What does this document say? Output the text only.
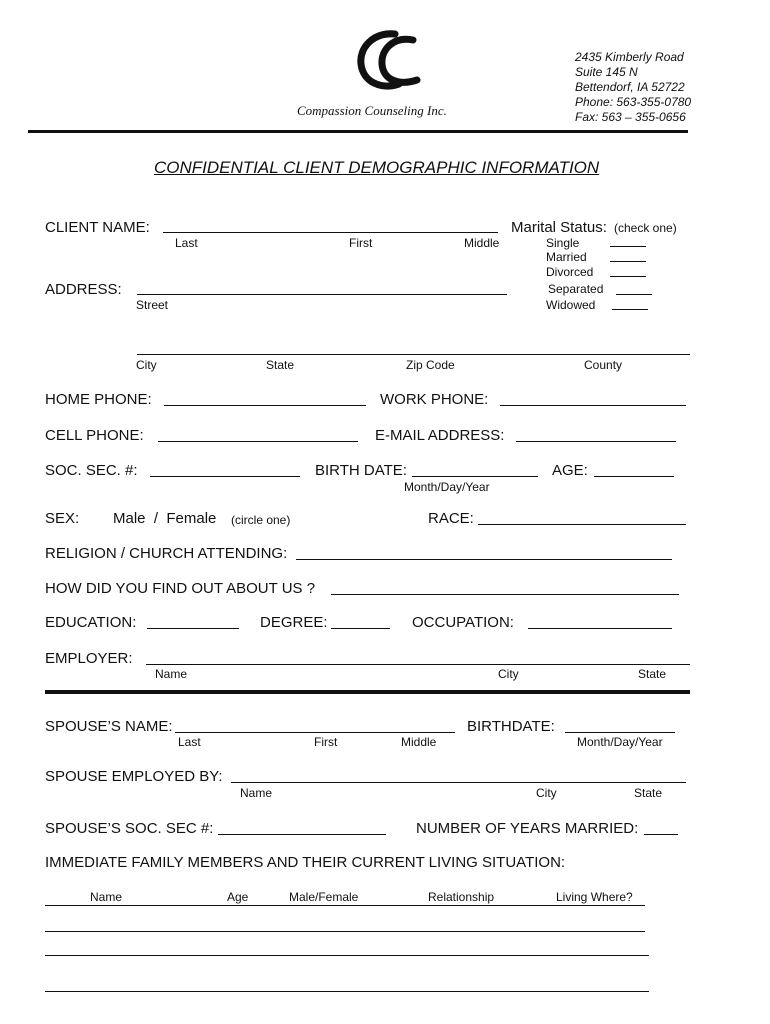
Compassion Counseling Inc.
2435 Kimberly Road
Suite 145 N
Bettendorf, IA 52722
Phone: 563-355-0780
Fax: 563 – 355-0656
CONFIDENTIAL CLIENT DEMOGRAPHIC INFORMATION
CLIENT NAME:
Last	First	Middle
Marital Status: (check one)
Single
Married
Divorced
Separated
Widowed
ADDRESS:
Street
City	State	Zip Code	County
HOME PHONE:	WORK PHONE:
CELL PHONE:	E-MAIL ADDRESS:
SOC. SEC. #:	BIRTH DATE:
Month/Day/Year
AGE:
SEX: Male  /  Female (circle one)	RACE:
RELIGION / CHURCH ATTENDING:
HOW DID YOU FIND OUT ABOUT US ?
EDUCATION:	DEGREE:	OCCUPATION:
EMPLOYER:
Name	City	State
SPOUSE’S NAME:
Last	First	Middle
BIRTHDATE:
Month/Day/Year
SPOUSE EMPLOYED BY:
Name	City	State
SPOUSE’S SOC. SEC #:	NUMBER OF YEARS MARRIED:
IMMEDIATE FAMILY MEMBERS AND THEIR CURRENT LIVING SITUATION:
Name	Age	Male/Female	Relationship	Living Where?
